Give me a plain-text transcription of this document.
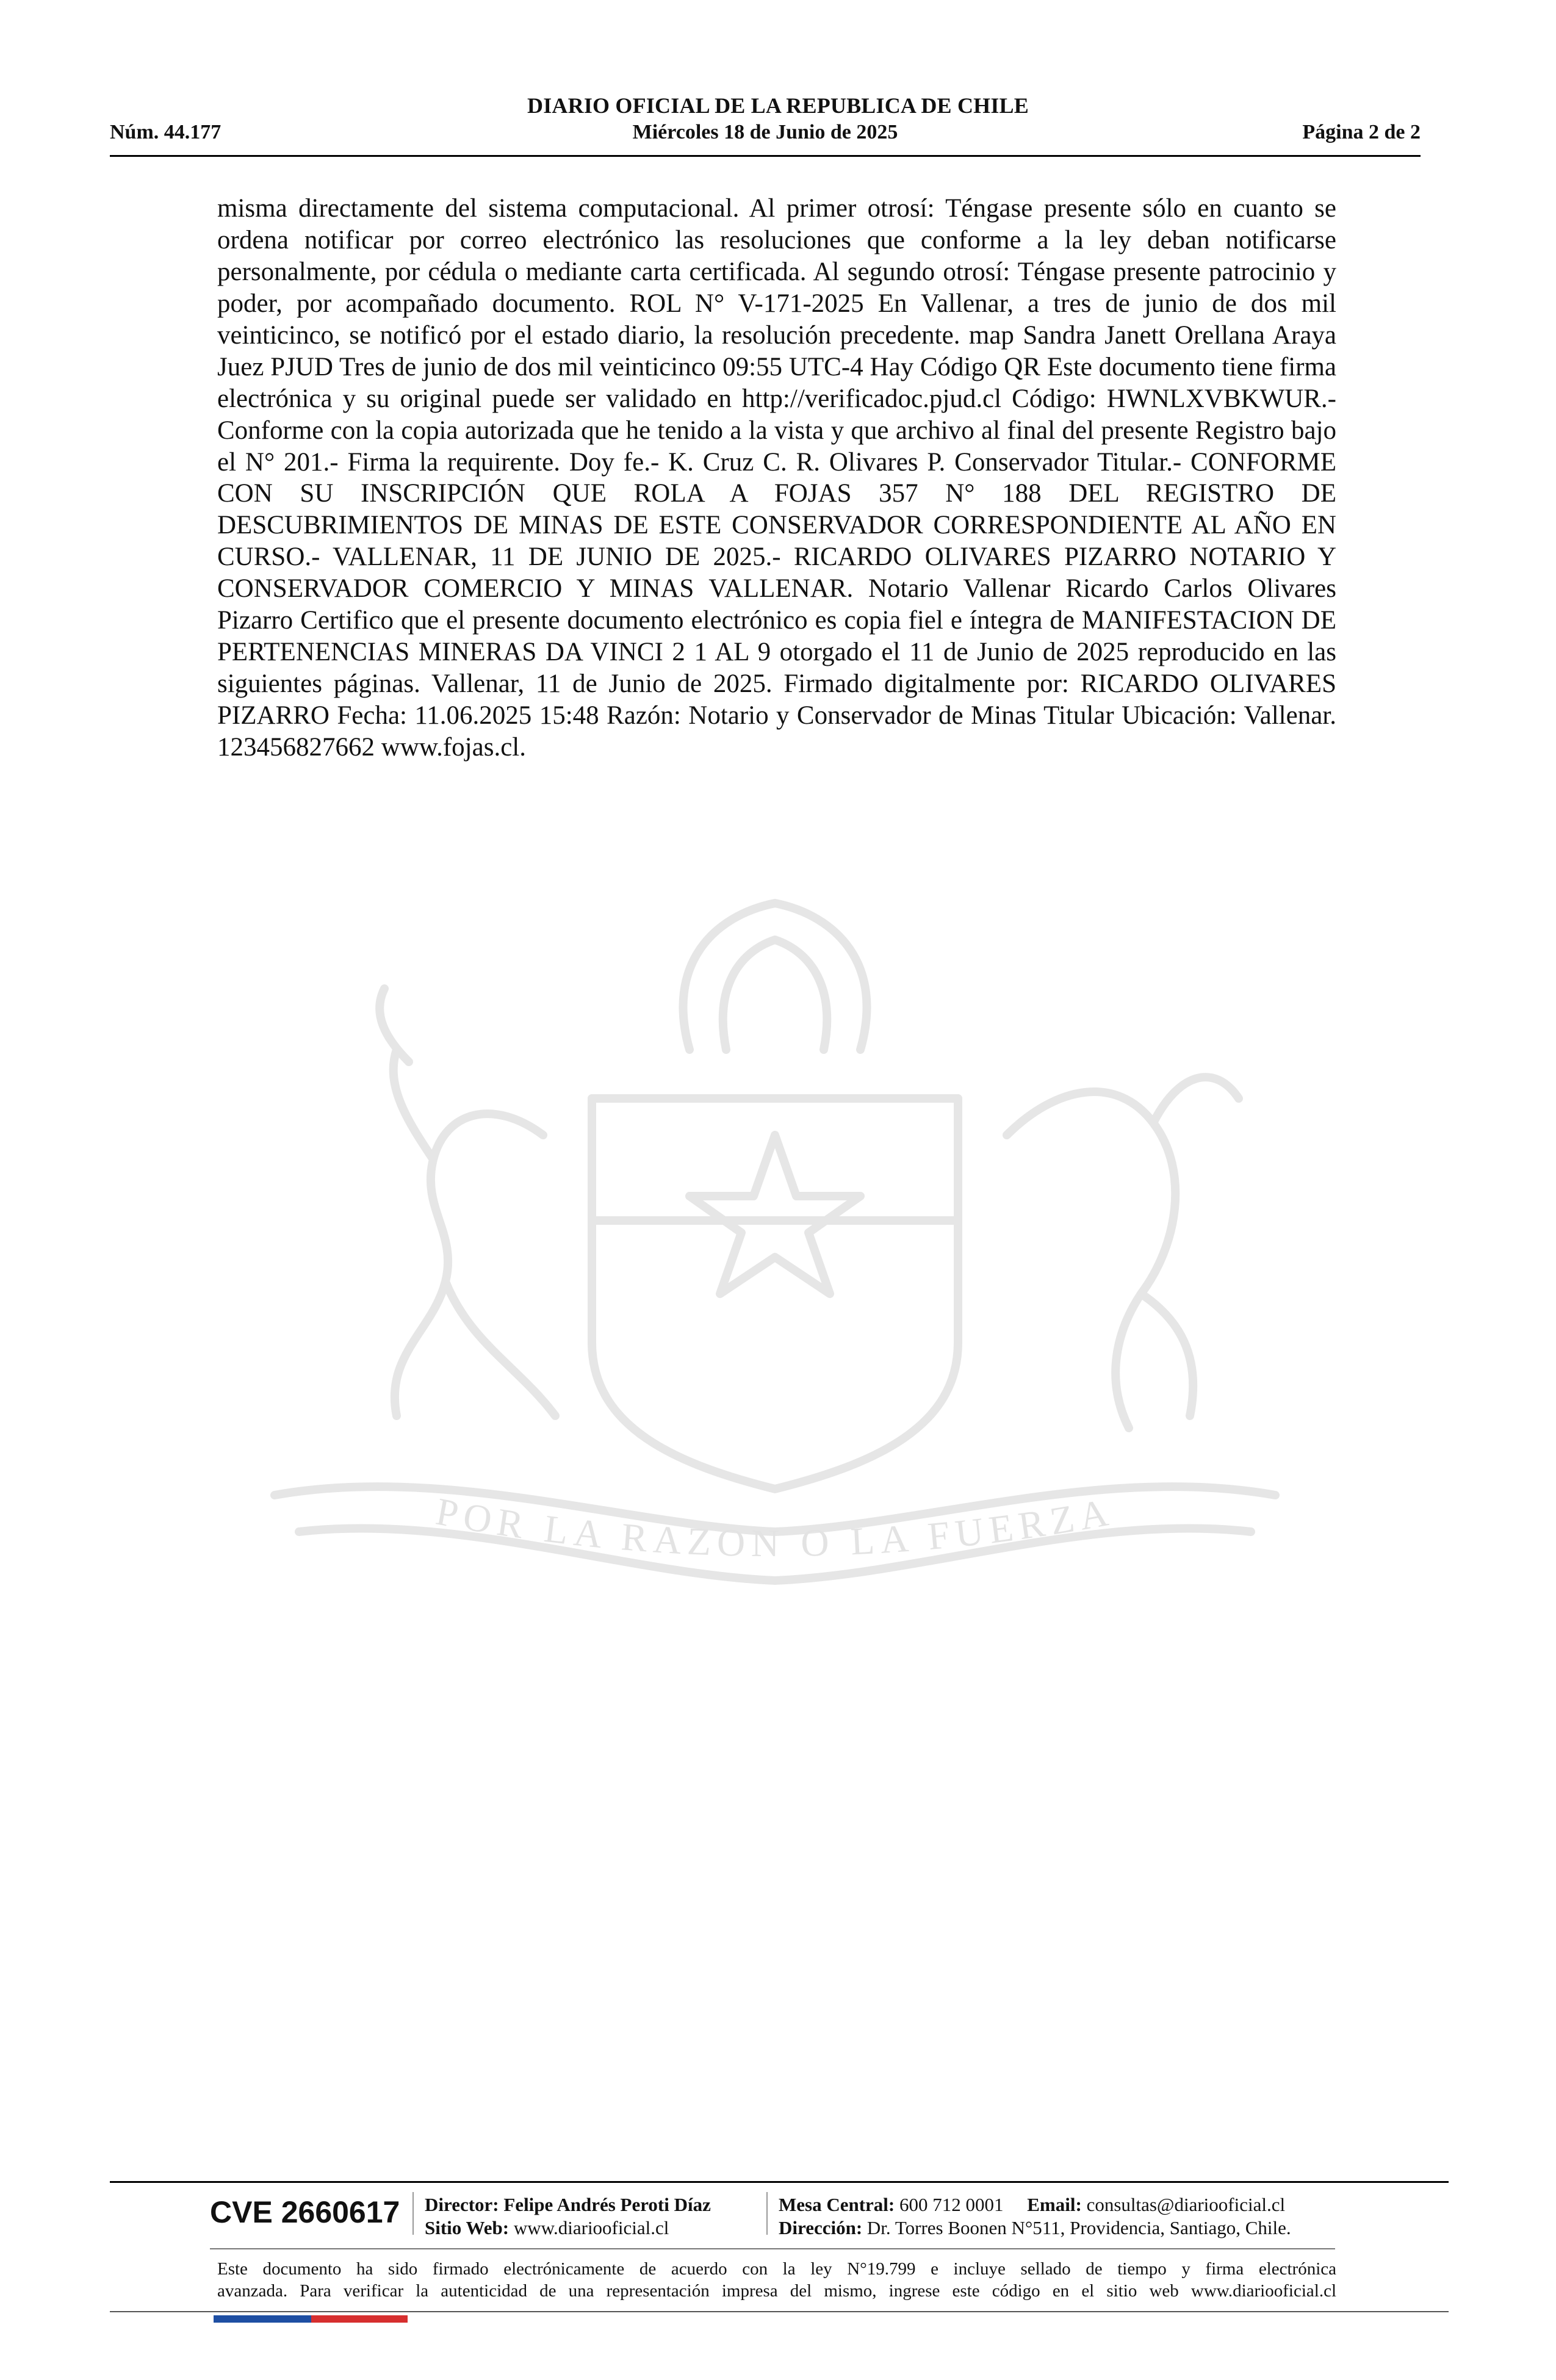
DIARIO OFICIAL DE LA REPUBLICA DE CHILE
Núm. 44.177	Miércoles 18 de Junio de 2025	Página 2 de 2
misma directamente del sistema computacional. Al primer otrosí: Téngase presente sólo en cuanto se ordena notificar por correo electrónico las resoluciones que conforme a la ley deban notificarse personalmente, por cédula o mediante carta certificada. Al segundo otrosí: Téngase presente patrocinio y poder, por acompañado documento. ROL N° V-171-2025 En Vallenar, a tres de junio de dos mil veinticinco, se notificó por el estado diario, la resolución precedente. map Sandra Janett Orellana Araya Juez PJUD Tres de junio de dos mil veinticinco 09:55 UTC-4 Hay Código QR Este documento tiene firma electrónica y su original puede ser validado en http://verificadoc.pjud.cl Código: HWNLXVBKWUR.- Conforme con la copia autorizada que he tenido a la vista y que archivo al final del presente Registro bajo el N° 201.- Firma la requirente. Doy fe.- K. Cruz C. R. Olivares P. Conservador Titular.- CONFORME CON SU INSCRIPCIÓN QUE ROLA A FOJAS 357 N° 188 DEL REGISTRO DE DESCUBRIMIENTOS DE MINAS DE ESTE CONSERVADOR CORRESPONDIENTE AL AÑO EN CURSO.- VALLENAR, 11 DE JUNIO DE 2025.- RICARDO OLIVARES PIZARRO NOTARIO Y CONSERVADOR COMERCIO Y MINAS VALLENAR. Notario Vallenar Ricardo Carlos Olivares Pizarro Certifico que el presente documento electrónico es copia fiel e íntegra de MANIFESTACION DE PERTENENCIAS MINERAS DA VINCI 2 1 AL 9 otorgado el 11 de Junio de 2025 reproducido en las siguientes páginas. Vallenar, 11 de Junio de 2025. Firmado digitalmente por: RICARDO OLIVARES PIZARRO Fecha: 11.06.2025 15:48 Razón: Notario y Conservador de Minas Titular Ubicación: Vallenar. 123456827662 www.fojas.cl.
POR LA RAZON O LA FUERZA
CVE 2660617 Director: Felipe Andrés Peroti Díaz
Sitio Web: www.diariooficial.cl
Mesa Central: 600 712 0001 Email: consultas@diariooficial.cl
Dirección: Dr. Torres Boonen N°511, Providencia, Santiago, Chile.
Este documento ha sido firmado electrónicamente de acuerdo con la ley N°19.799 e incluye sellado de tiempo y firma electrónica
avanzada. Para verificar la autenticidad de una representación impresa del mismo, ingrese este código en el sitio web www.diariooficial.cl
